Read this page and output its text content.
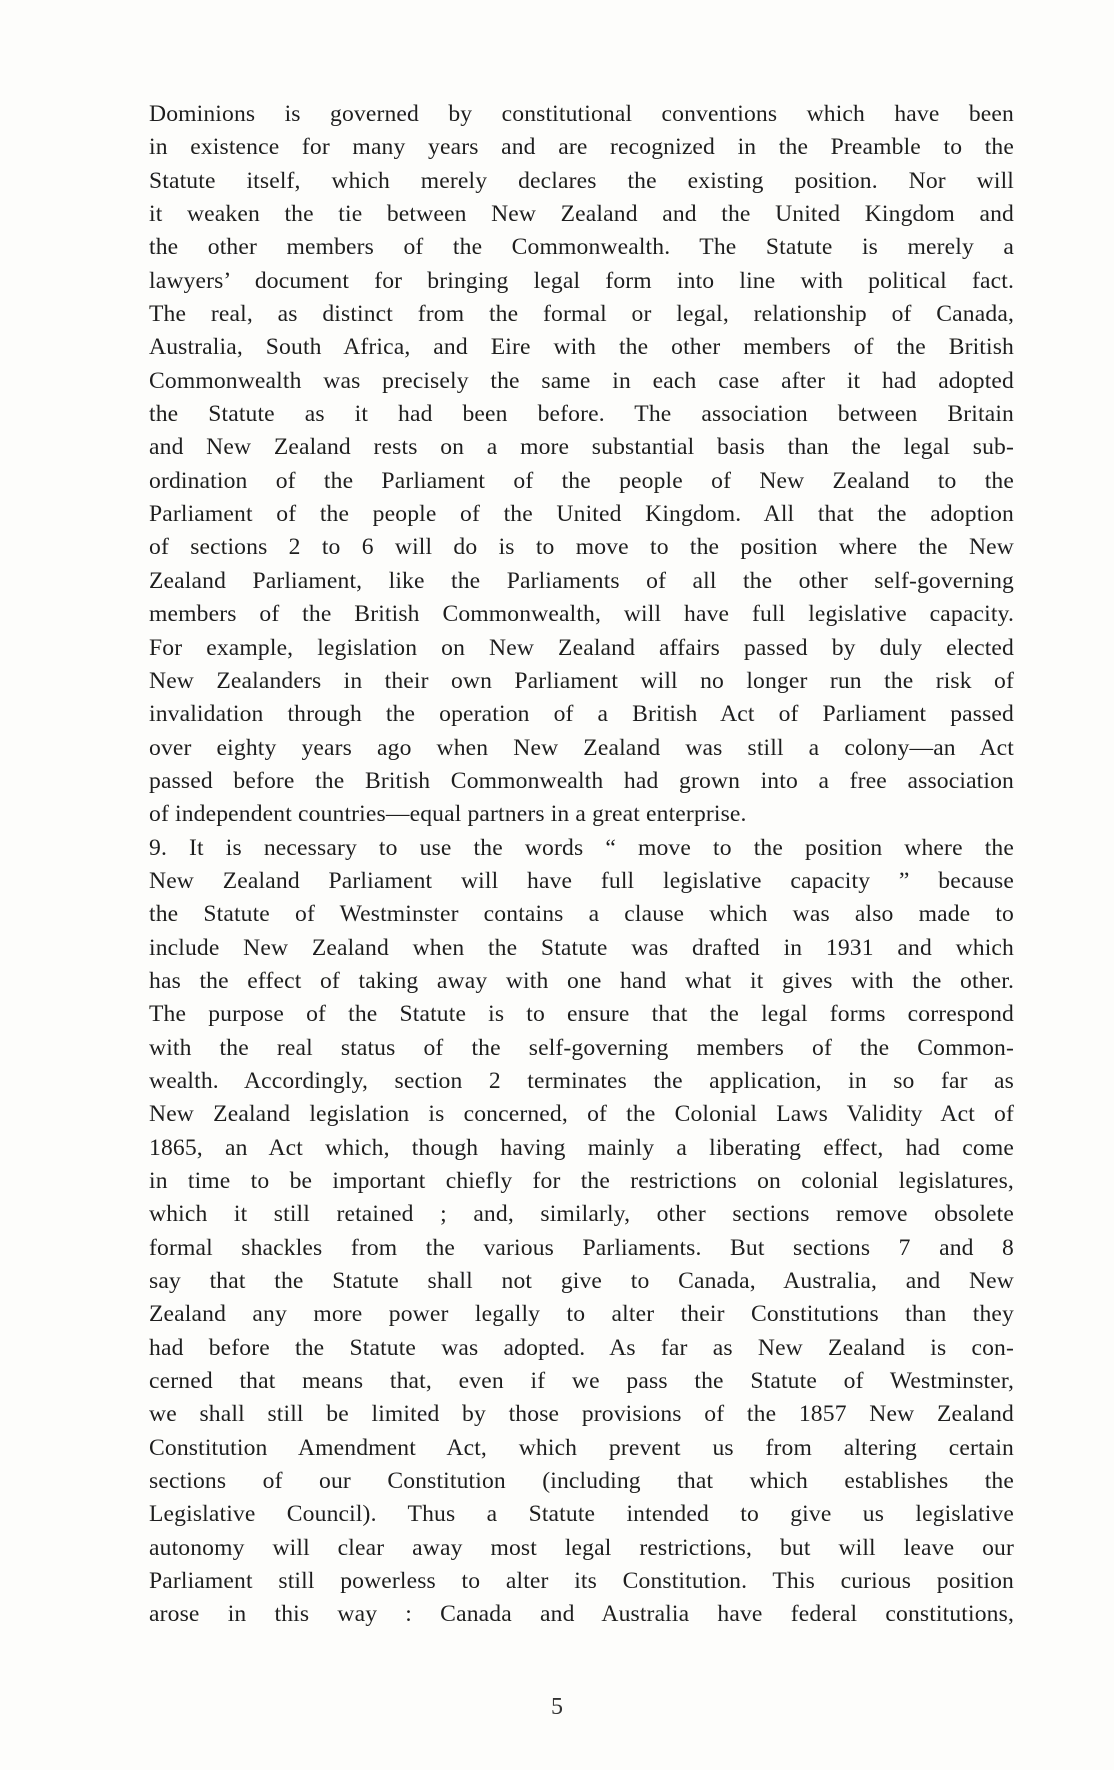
Dominions is governed by constitutional conventions which have been
in existence for many years and are recognized in the Preamble to the
Statute itself, which merely declares the existing position. Nor will
it weaken the tie between New Zealand and the United Kingdom and
the other members of the Commonwealth. The Statute is merely a
lawyers’ document for bringing legal form into line with political fact.
The real, as distinct from the formal or legal, relationship of Canada,
Australia, South Africa, and Eire with the other members of the British
Commonwealth was precisely the same in each case after it had adopted
the Statute as it had been before. The association between Britain
and New Zealand rests on a more substantial basis than the legal sub-
ordination of the Parliament of the people of New Zealand to the
Parliament of the people of the United Kingdom. All that the adoption
of sections 2 to 6 will do is to move to the position where the New
Zealand Parliament, like the Parliaments of all the other self-governing
members of the British Commonwealth, will have full legislative capacity.
For example, legislation on New Zealand affairs passed by duly elected
New Zealanders in their own Parliament will no longer run the risk of
invalidation through the operation of a British Act of Parliament passed
over eighty years ago when New Zealand was still a colony—an Act
passed before the British Commonwealth had grown into a free association
of independent countries—equal partners in a great enterprise.
9. It is necessary to use the words “ move to the position where the
New Zealand Parliament will have full legislative capacity ” because
the Statute of Westminster contains a clause which was also made to
include New Zealand when the Statute was drafted in 1931 and which
has the effect of taking away with one hand what it gives with the other.
The purpose of the Statute is to ensure that the legal forms correspond
with the real status of the self-governing members of the Common-
wealth. Accordingly, section 2 terminates the application, in so far as
New Zealand legislation is concerned, of the Colonial Laws Validity Act of
1865, an Act which, though having mainly a liberating effect, had come
in time to be important chiefly for the restrictions on colonial legislatures,
which it still retained ; and, similarly, other sections remove obsolete
formal shackles from the various Parliaments. But sections 7 and 8
say that the Statute shall not give to Canada, Australia, and New
Zealand any more power legally to alter their Constitutions than they
had before the Statute was adopted. As far as New Zealand is con-
cerned that means that, even if we pass the Statute of Westminster,
we shall still be limited by those provisions of the 1857 New Zealand
Constitution Amendment Act, which prevent us from altering certain
sections of our Constitution (including that which establishes the
Legislative Council). Thus a Statute intended to give us legislative
autonomy will clear away most legal restrictions, but will leave our
Parliament still powerless to alter its Constitution. This curious position
arose in this way : Canada and Australia have federal constitutions,
5
